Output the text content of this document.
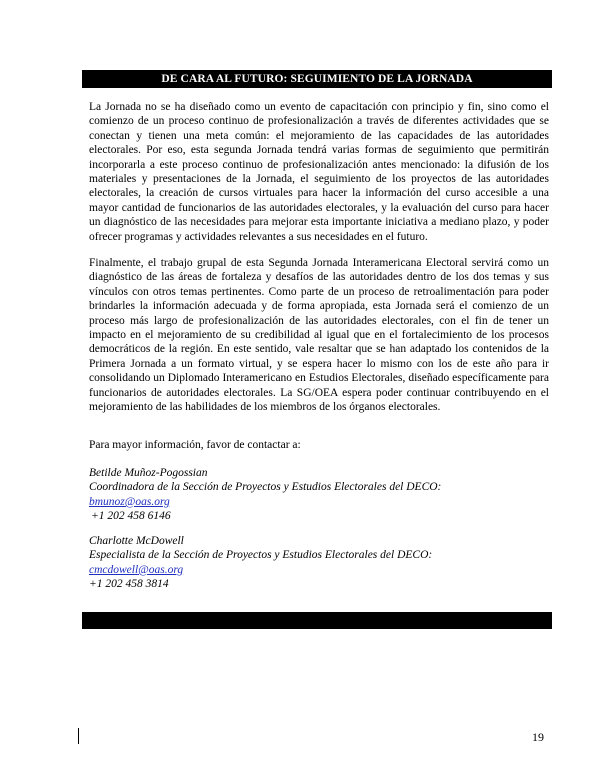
DE CARA AL FUTURO: SEGUIMIENTO DE LA JORNADA

La Jornada no se ha diseñado como un evento de capacitación con principio y fin, sino como el comienzo de un proceso continuo de profesionalización a través de diferentes actividades que se conectan y tienen una meta común: el mejoramiento de las capacidades de las autoridades electorales. Por eso, esta segunda Jornada tendrá varias formas de seguimiento que permitirán incorporarla a este proceso continuo de profesionalización antes mencionado: la difusión de los materiales y presentaciones de la Jornada, el seguimiento de los proyectos de las autoridades electorales, la creación de cursos virtuales para hacer la información del curso accesible a una mayor cantidad de funcionarios de las autoridades electorales, y la evaluación del curso para hacer un diagnóstico de las necesidades para mejorar esta importante iniciativa a mediano plazo, y poder ofrecer programas y actividades relevantes a sus necesidades en el futuro.

Finalmente, el trabajo grupal de esta Segunda Jornada Interamericana Electoral servirá como un diagnóstico de las áreas de fortaleza y desafíos de las autoridades dentro de los dos temas y sus vínculos con otros temas pertinentes. Como parte de un proceso de retroalimentación para poder brindarles la información adecuada y de forma apropiada, esta Jornada será el comienzo de un proceso más largo de profesionalización de las autoridades electorales, con el fin de tener un impacto en el mejoramiento de su credibilidad al igual que en el fortalecimiento de los procesos democráticos de la región. En este sentido, vale resaltar que se han adaptado los contenidos de la Primera Jornada a un formato virtual, y se espera hacer lo mismo con los de este año para ir consolidando un Diplomado Interamericano en Estudios Electorales, diseñado específicamente para funcionarios de autoridades electorales. La SG/OEA espera poder continuar contribuyendo en el mejoramiento de las habilidades de los miembros de los órganos electorales.

Para mayor información, favor de contactar a:

Betilde Muñoz-Pogossian
Coordinadora de la Sección de Proyectos y Estudios Electorales del DECO:
bmunoz@oas.org
+1 202 458 6146
Charlotte McDowell
Especialista de la Sección de Proyectos y Estudios Electorales del DECO:
cmcdowell@oas.org
+1 202 458 3814
19
